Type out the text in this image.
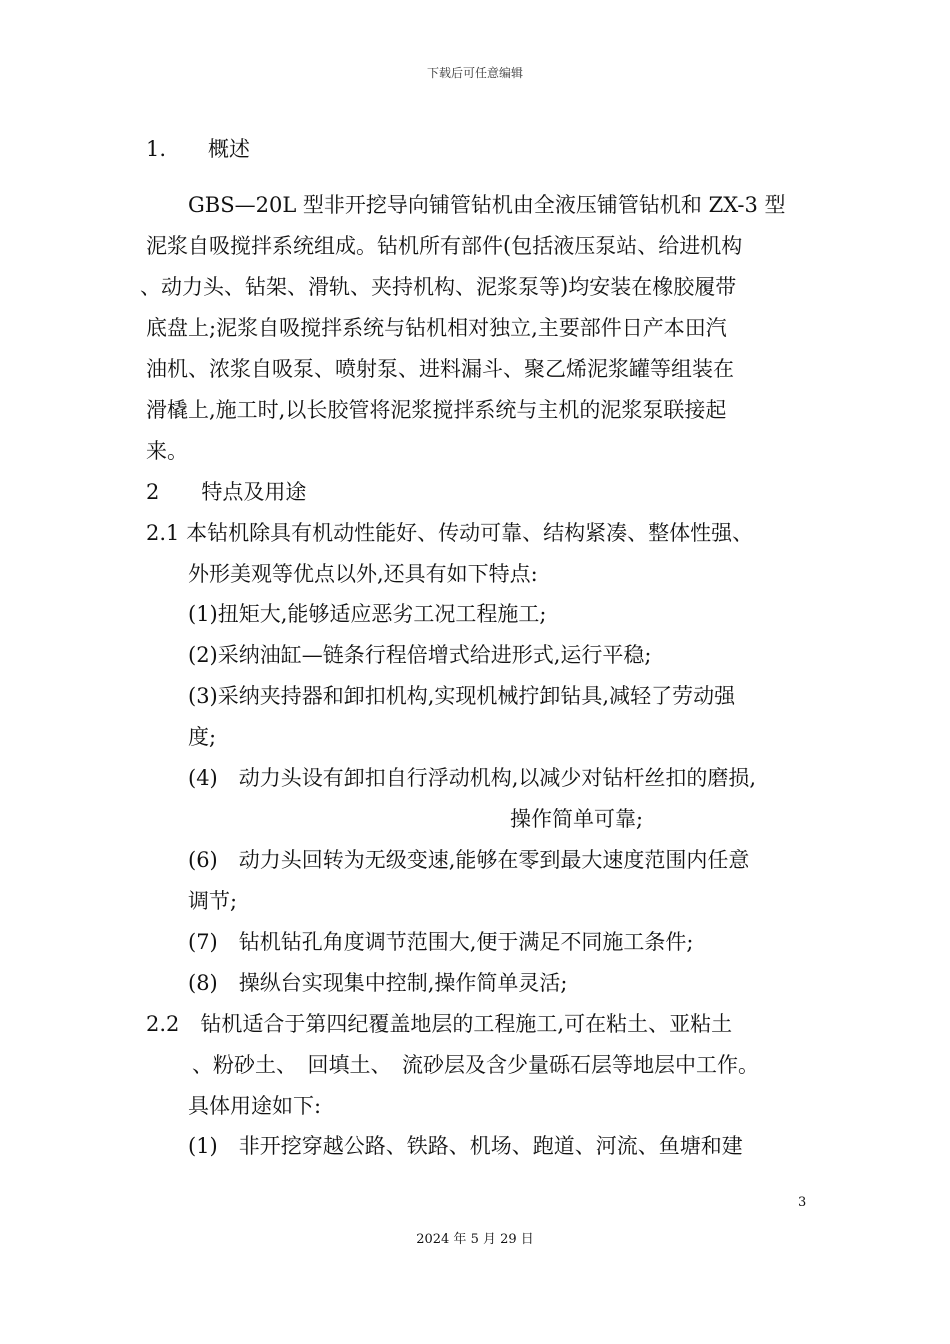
下载后可任意编辑
1.　　概述
GBS—20L 型非开挖导向铺管钻机由全液压铺管钻机和 ZX-3 型
泥浆自吸搅拌系统组成。钻机所有部件(包括液压泵站、给进机构
、动力头、钻架、滑轨、夹持机构、泥浆泵等)均安装在橡胶履带
底盘上;泥浆自吸搅拌系统与钻机相对独立,主要部件日产本田汽
油机、浓浆自吸泵、喷射泵、进料漏斗、聚乙烯泥浆罐等组装在
滑橇上,施工时,以长胶管将泥浆搅拌系统与主机的泥浆泵联接起
来。
2　　特点及用途
2.1 本钻机除具有机动性能好、传动可靠、结构紧凑、整体性强、
外形美观等优点以外,还具有如下特点:
(1)扭矩大,能够适应恶劣工况工程施工;
(2)采纳油缸—链条行程倍增式给进形式,运行平稳;
(3)采纳夹持器和卸扣机构,实现机械拧卸钻具,减轻了劳动强
度;
(4)　动力头设有卸扣自行浮动机构,以减少对钻杆丝扣的磨损,
操作简单可靠;
(6)　动力头回转为无级变速,能够在零到最大速度范围内任意
调节;
(7)　钻机钻孔角度调节范围大,便于满足不同施工条件;
(8)　操纵台实现集中控制,操作简单灵活;
2.2　钻机适合于第四纪覆盖地层的工程施工,可在粘土、亚粘土
、粉砂土、　回填土、　流砂层及含少量砾石层等地层中工作。
具体用途如下:
(1)　非开挖穿越公路、铁路、机场、跑道、河流、鱼塘和建
3
2024 年 5 月 29 日
